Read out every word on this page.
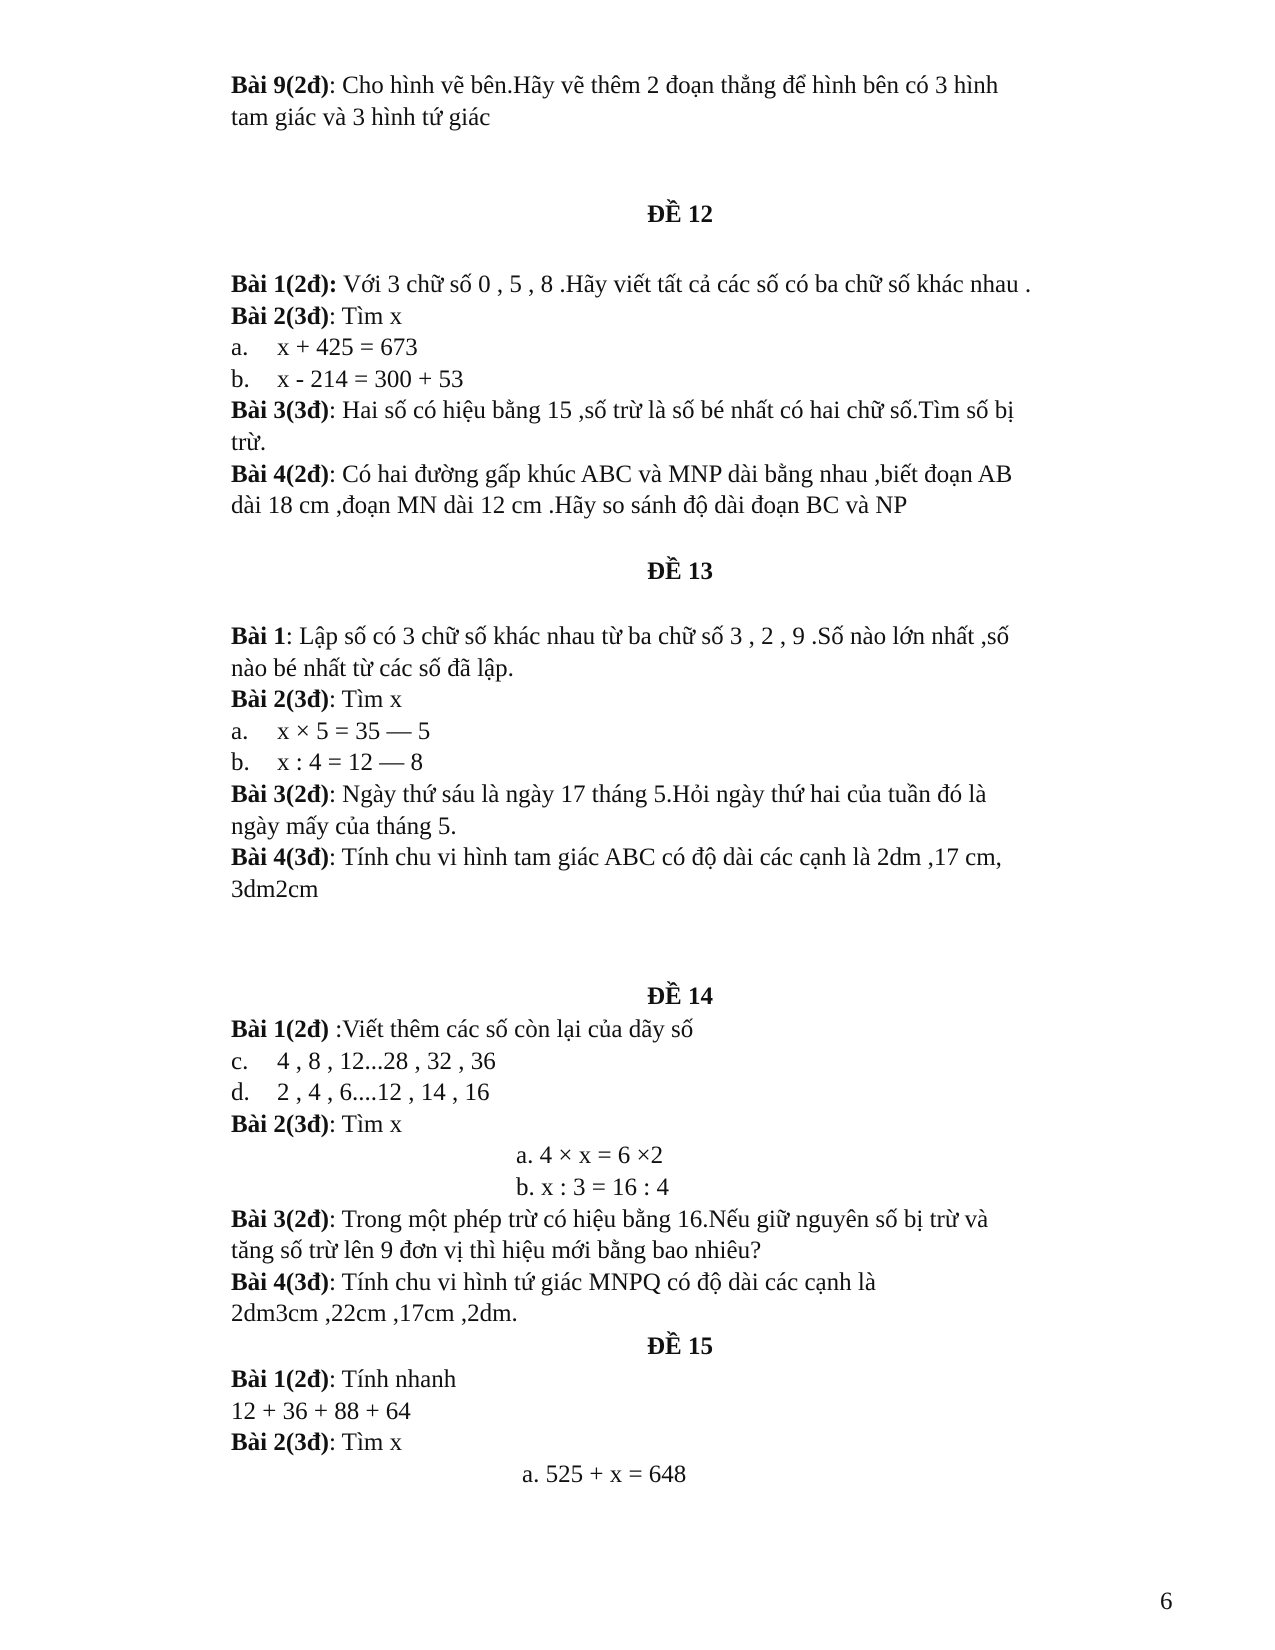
Bài 9(2đ): Cho hình vẽ bên.Hãy vẽ thêm 2 đoạn thẳng để hình bên có 3 hình

tam giác và 3 hình tứ giác

ĐỀ 12

Bài 1(2đ): Với 3 chữ số 0 , 5 , 8 .Hãy viết tất cả các số có ba chữ số khác nhau .

Bài 2(3đ): Tìm x

a.	x + 425 = 673

b.	x - 214 = 300 + 53

Bài 3(3đ): Hai số có hiệu bằng 15 ,số trừ là số bé nhất có hai chữ số.Tìm số bị

trừ.

Bài 4(2đ): Có hai đường gấp khúc ABC và MNP dài bằng nhau ,biết đoạn AB

dài 18 cm ,đoạn MN dài 12 cm .Hãy so sánh độ dài đoạn BC và NP

ĐỀ 13

Bài 1: Lập số có 3 chữ số khác nhau từ ba chữ số 3 , 2 , 9 .Số nào lớn nhất ,số

nào bé nhất từ các số đã lập.

Bài 2(3đ): Tìm x

a.	x × 5 = 35 — 5

b.	x : 4 = 12 — 8

Bài 3(2đ): Ngày thứ sáu là ngày 17 tháng 5.Hỏi ngày thứ hai của tuần đó là

ngày mấy của tháng 5.

Bài 4(3đ): Tính chu vi hình tam giác ABC có độ dài các cạnh là 2dm ,17 cm,

3dm2cm

ĐỀ 14

Bài 1(2đ) :Viết thêm các số còn lại của dãy số

c.	4 , 8 , 12...28 , 32 , 36

d.	2 , 4 , 6....12 , 14 , 16

Bài 2(3đ): Tìm x

a. 4 × x = 6 ×2

b. x : 3 = 16 : 4

Bài 3(2đ): Trong một phép trừ có hiệu bằng 16.Nếu giữ nguyên số bị trừ và

tăng số trừ lên 9 đơn vị thì hiệu mới bằng bao nhiêu?

Bài 4(3đ): Tính chu vi hình tứ giác MNPQ có độ dài các cạnh là

2dm3cm ,22cm ,17cm ,2dm.

ĐỀ 15

Bài 1(2đ): Tính nhanh

12 + 36 + 88 + 64

Bài 2(3đ): Tìm x

a. 525 + x = 648

6
